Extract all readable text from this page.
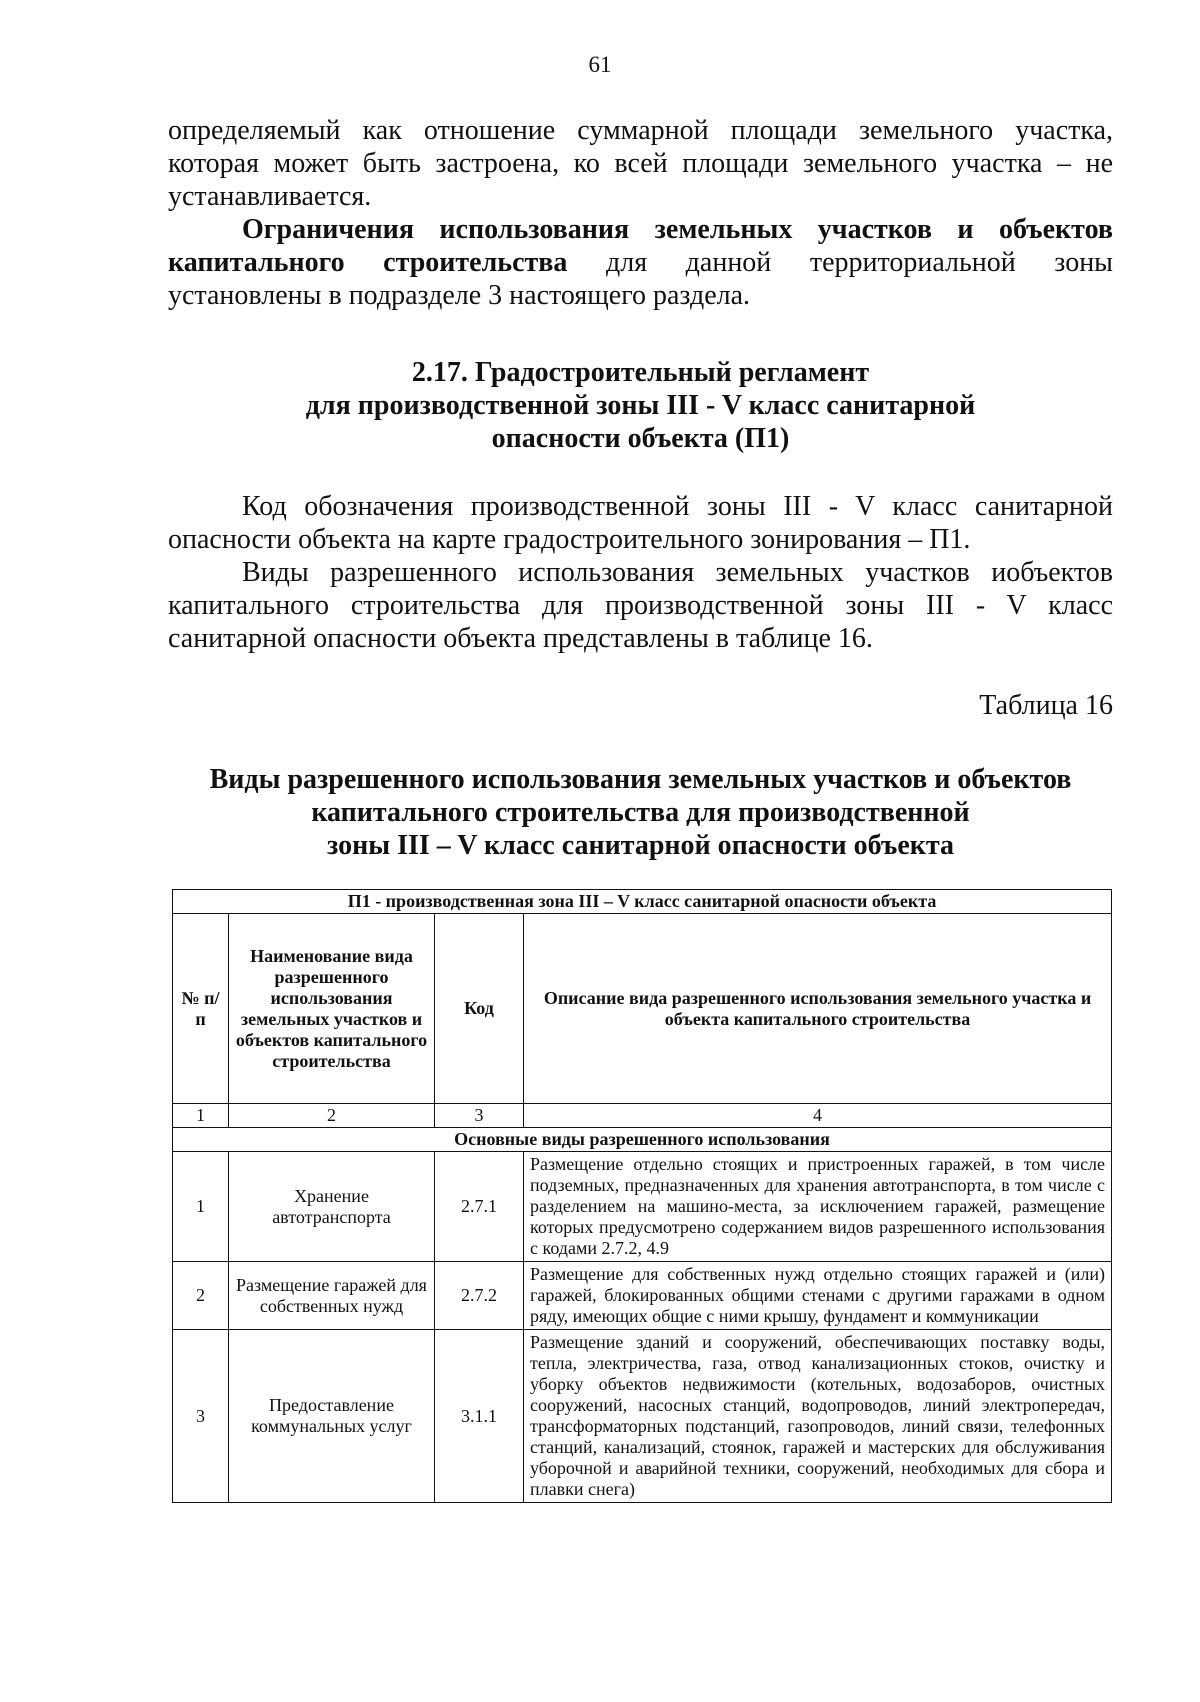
61

определяемый как отношение суммарной площади земельного участка, которая может быть застроена, ко всей площади земельного участка – не устанавливается.

Ограничения использования земельных участков и объектов капитального строительства для данной территориальной зоны установлены в подразделе 3 настоящего раздела.

2.17. Градостроительный регламент
для производственной зоны III - V класс санитарной
опасности объекта (П1)

Код обозначения производственной зоны III - V класс санитарной опасности объекта на карте градостроительного зонирования – П1.

Виды разрешенного использования земельных участков иобъектов капитального строительства для производственной зоны III - V класс санитарной опасности объекта представлены в таблице 16.

Таблица 16
Виды разрешенного использования земельных участков и объектов
капитального строительства для производственной
зоны III – V класс санитарной опасности объекта
П1 - производственная зона III – V класс санитарной опасности объекта			
№ п/п	Наименование вида разрешенного использования земельных участков и объектов капитального строительства	Код	Описание вида разрешенного использования земельного участка и объекта капитального строительства
1	2	3	4
Основные виды разрешенного использования			
1	Хранение автотранспорта	2.7.1	Размещение отдельно стоящих и пристроенных гаражей, в том числе подземных, предназначенных для хранения автотранспорта, в том числе с разделением на машино-места, за исключением гаражей, размещение которых предусмотрено содержанием видов разрешенного использования с кодами 2.7.2, 4.9
2	Размещение гаражей для собственных нужд	2.7.2	Размещение для собственных нужд отдельно стоящих гаражей и (или) гаражей, блокированных общими стенами с другими гаражами в одном ряду, имеющих общие с ними крышу, фундамент и коммуникации
3	Предоставление коммунальных услуг	3.1.1	Размещение зданий и сооружений, обеспечивающих поставку воды, тепла, электричества, газа, отвод канализационных стоков, очистку и уборку объектов недвижимости (котельных, водозаборов, очистных сооружений, насосных станций, водопроводов, линий электропередач, трансформаторных подстанций, газопроводов, линий связи, телефонных станций, канализаций, стоянок, гаражей и мастерских для обслуживания уборочной и аварийной техники, сооружений, необходимых для сбора и плавки снега)
